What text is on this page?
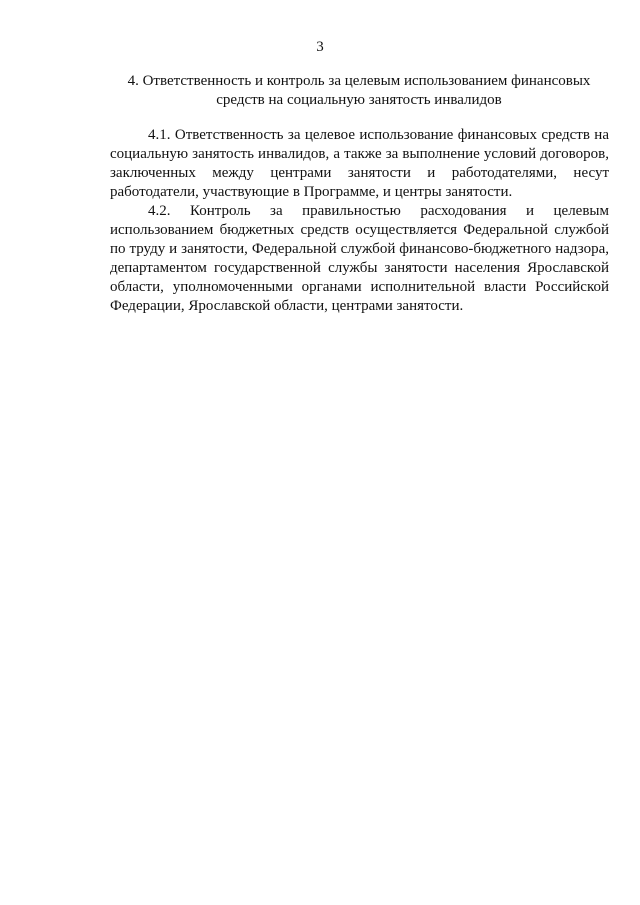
3
4. Ответственность и контроль за целевым использованием финансовых
средств на социальную занятость инвалидов
4.1. Ответственность за целевое использование финансовых средств на
социальную занятость инвалидов, а также за выполнение условий договоров,
заключенных между центрами занятости и работодателями, несут
работодатели, участвующие в Программе, и центры занятости.
4.2. Контроль за правильностью расходования и целевым
использованием бюджетных средств осуществляется Федеральной службой
по труду и занятости, Федеральной службой финансово-бюджетного надзора,
департаментом государственной службы занятости населения Ярославской
области, уполномоченными органами исполнительной власти Российской
Федерации, Ярославской области, центрами занятости.
